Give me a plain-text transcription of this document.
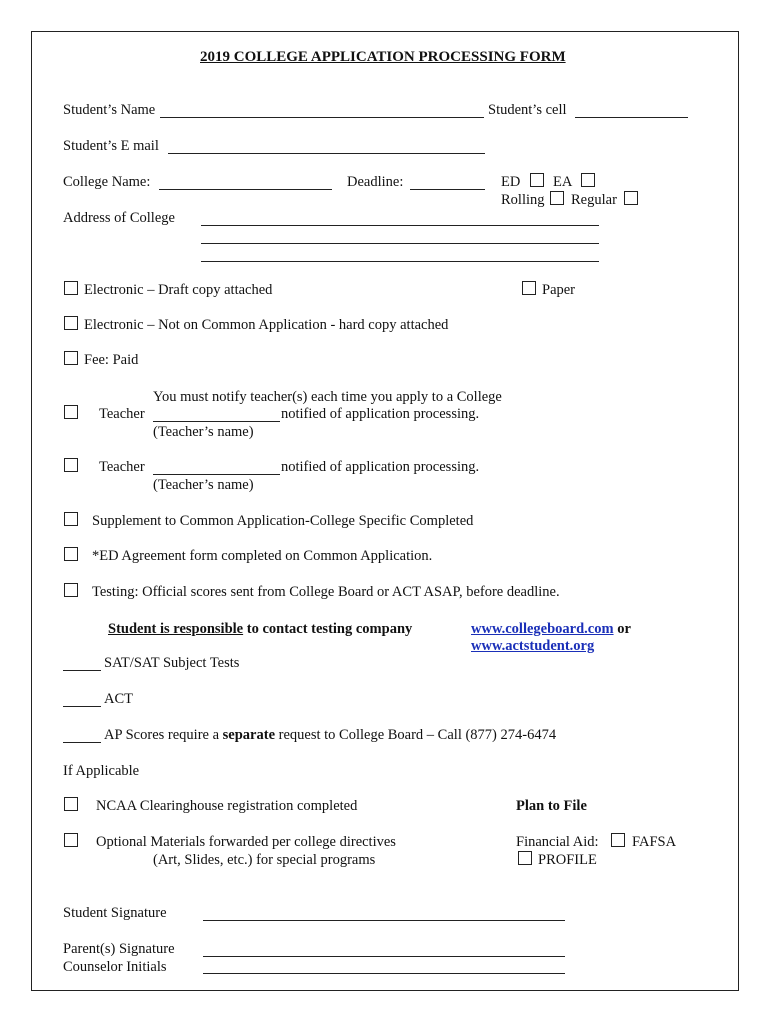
2019 COLLEGE APPLICATION PROCESSING FORM
Student’s Name	Student’s cell
Student’s E mail
College Name:	Deadline:	ED EA
Rolling Regular
Address of College
Electronic – Draft copy attached	Paper
Electronic – Not on Common Application - hard copy attached
Fee: Paid
You must notify teacher(s) each time you apply to a College
Teacher	notified of application processing.
(Teacher’s name)
Teacher	notified of application processing.
(Teacher’s name)
Supplement to Common Application-College Specific Completed
*ED Agreement form completed on Common Application.
Testing: Official scores sent from College Board or ACT ASAP, before deadline.
Student is responsible to contact testing company	www.collegeboard.com or
www.actstudent.org
SAT/SAT Subject Tests
ACT
AP Scores require a separate request to College Board – Call (877) 274-6474
If Applicable
NCAA Clearinghouse registration completed	Plan to File
Optional Materials forwarded per college directives
(Art, Slides, etc.) for special programs
Financial Aid: FAFSA
PROFILE
Student Signature
Parent(s) Signature
Counselor Initials
